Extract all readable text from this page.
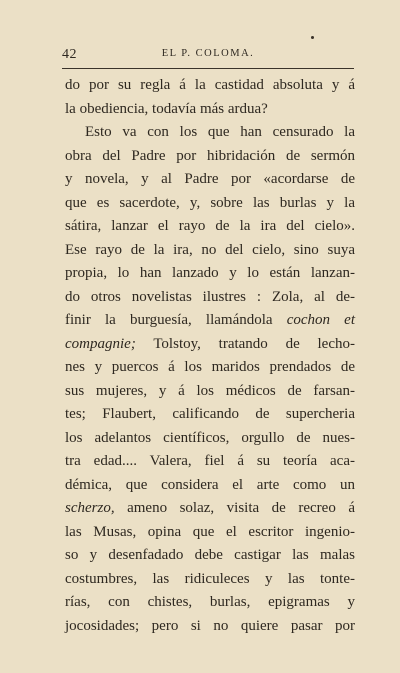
42	EL P. COLOMA.
do por su regla á la castidad absoluta y á
la obediencia, todavía más ardua?
Esto va con los que han censurado la
obra del Padre por hibridación de sermón
y novela, y al Padre por «acordarse de
que es sacerdote, y, sobre las burlas y la
sátira, lanzar el rayo de la ira del cielo».
Ese rayo de la ira, no del cielo, sino suya
propia, lo han lanzado y lo están lanzan-
do otros novelistas ilustres : Zola, al de-
finir la burguesía, llamándola cochon et
compagnie; Tolstoy, tratando de lecho-
nes y puercos á los maridos prendados de
sus mujeres, y á los médicos de farsan-
tes; Flaubert, calificando de supercheria
los adelantos científicos, orgullo de nues-
tra edad.... Valera, fiel á su teoría aca-
démica, que considera el arte como un
scherzo, ameno solaz, visita de recreo á
las Musas, opina que el escritor ingenio-
so y desenfadado debe castigar las malas
costumbres, las ridiculeces y las tonte-
rías, con chistes, burlas, epigramas y
jocosidades; pero si no quiere pasar por
